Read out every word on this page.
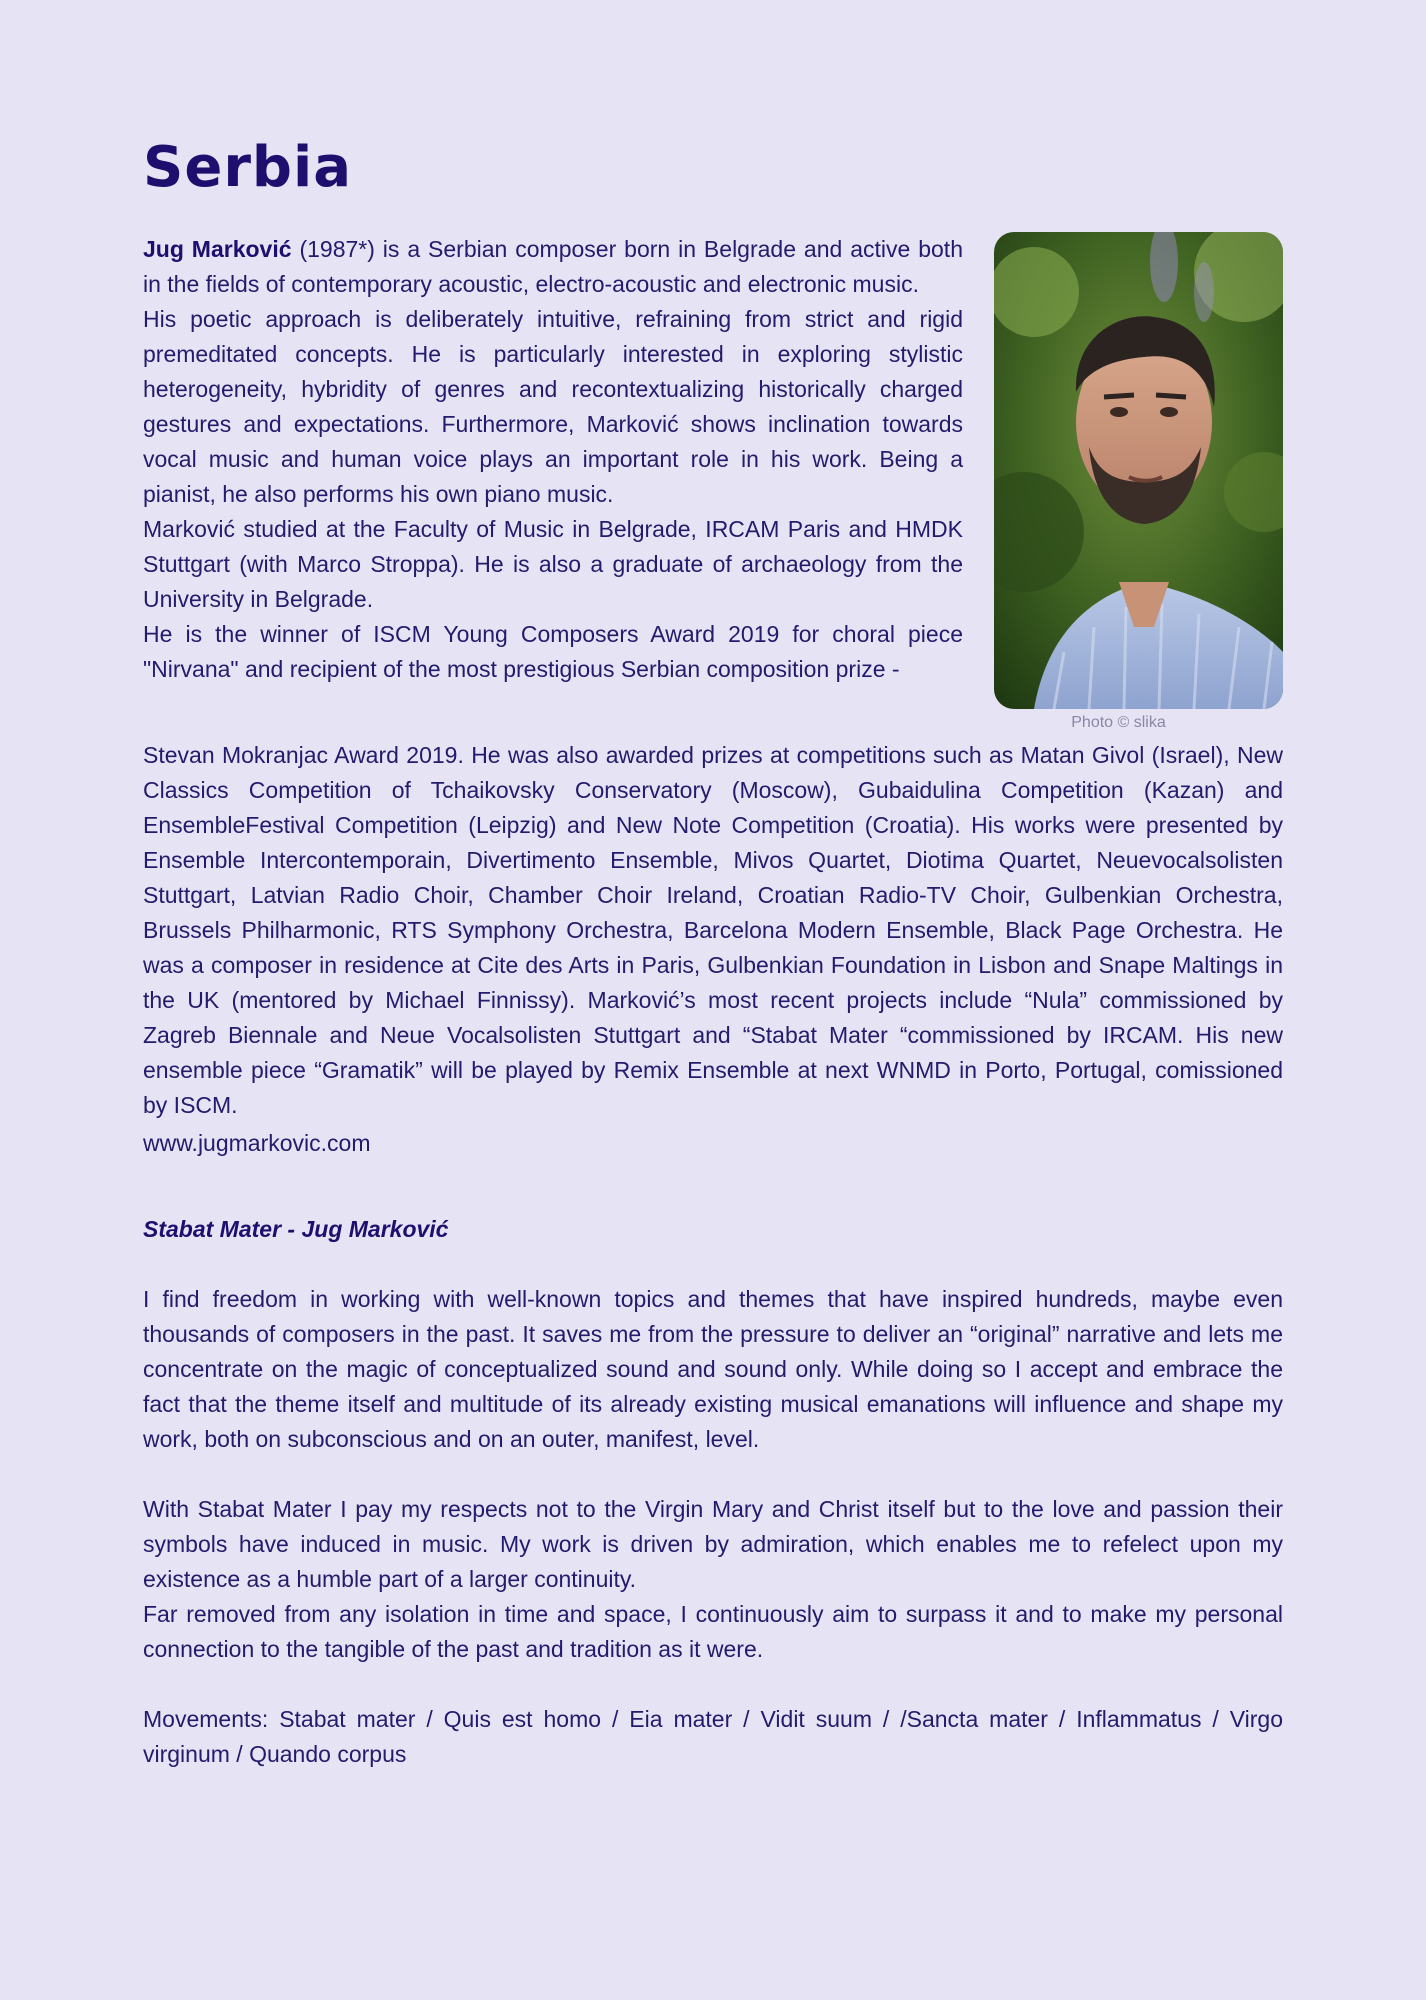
Serbia

Jug Marković (1987*) is a Serbian composer born in Belgrade and active both in the fields of contemporary acoustic, electro-acoustic and electronic music.

His poetic approach is deliberately intuitive, refraining from strict and rigid premeditated concepts. He is particularly interested in exploring stylistic heterogeneity, hybridity of genres and recontextualizing historically charged gestures and expectations. Furthermore, Marković shows inclination towards vocal music and human voice plays an important role in his work. Being a pianist, he also performs his own piano music.

Marković studied at the Faculty of Music in Belgrade, IRCAM Paris and HMDK Stuttgart (with Marco Stroppa). He is also a graduate of archaeology from the University in Belgrade.

He is the winner of ISCM Young Composers Award 2019 for choral piece "Nirvana" and recipient of the most prestigious Serbian composition prize -

Photo © slika

Stevan Mokranjac Award 2019. He was also awarded prizes at competitions such as Matan Givol (Israel), New Classics Competition of Tchaikovsky Conservatory (Moscow), Gubaidulina Competition (Kazan) and EnsembleFestival Competition (Leipzig) and New Note Competition (Croatia). His works were presented by Ensemble Intercontemporain, Divertimento Ensemble, Mivos Quartet, Diotima Quartet, Neuevocalsolisten Stuttgart, Latvian Radio Choir, Chamber Choir Ireland, Croatian Radio-TV Choir, Gulbenkian Orchestra, Brussels Philharmonic, RTS Symphony Orchestra, Barcelona Modern Ensemble, Black Page Orchestra. He was a composer in residence at Cite des Arts in Paris, Gulbenkian Foundation in Lisbon and Snape Maltings in the UK (mentored by Michael Finnissy). Marković’s most recent projects include “Nula” commissioned by Zagreb Biennale and Neue Vocalsolisten Stuttgart and “Stabat Mater “commissioned by IRCAM. His new ensemble piece “Gramatik” will be played by Remix Ensemble at next WNMD in Porto, Portugal, comissioned by ISCM.

www.jugmarkovic.com

Stabat Mater - Jug Marković

I find freedom in working with well-known topics and themes that have inspired hundreds, maybe even thousands of composers in the past. It saves me from the pressure to deliver an “original” narrative and lets me concentrate on the magic of conceptualized sound and sound only. While doing so I accept and embrace the fact that the theme itself and multitude of its already existing musical emanations will influence and shape my work, both on subconscious and on an outer, manifest, level.

With Stabat Mater I pay my respects not to the Virgin Mary and Christ itself but to the love and passion their symbols have induced in music. My work is driven by admiration, which enables me to refelect upon my existence as a humble part of a larger continuity.

Far removed from any isolation in time and space, I continuously aim to surpass it and to make my personal connection to the tangible of the past and tradition as it were.

Movements: Stabat mater / Quis est homo / Eia mater / Vidit suum / /Sancta mater / Inflammatus / Virgo virginum / Quando corpus
